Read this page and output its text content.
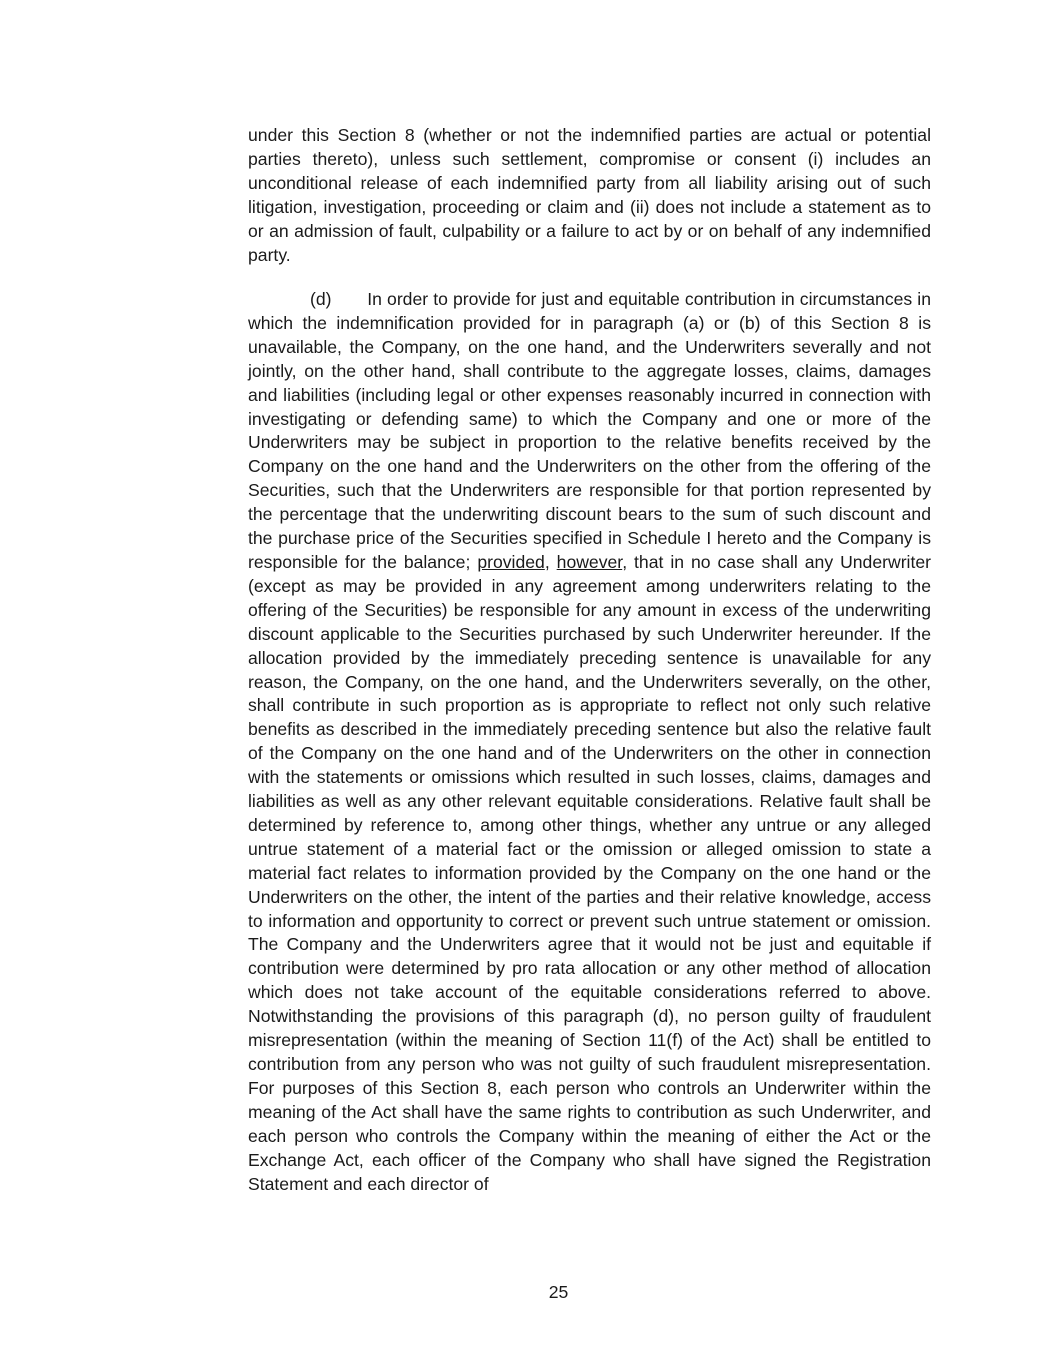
under this Section 8 (whether or not the indemnified parties are actual or potential parties thereto), unless such settlement, compromise or consent (i) includes an unconditional release of each indemnified party from all liability arising out of such litigation, investigation, proceeding or claim and (ii) does not include a statement as to or an admission of fault, culpability or a failure to act by or on behalf of any indemnified party.

(d) In order to provide for just and equitable contribution in circumstances in which the indemnification provided for in paragraph (a) or (b) of this Section 8 is unavailable, the Company, on the one hand, and the Underwriters severally and not jointly, on the other hand, shall contribute to the aggregate losses, claims, damages and liabilities (including legal or other expenses reasonably incurred in connection with investigating or defending same) to which the Company and one or more of the Underwriters may be subject in proportion to the relative benefits received by the Company on the one hand and the Underwriters on the other from the offering of the Securities, such that the Underwriters are responsible for that portion represented by the percentage that the underwriting discount bears to the sum of such discount and the purchase price of the Securities specified in Schedule I hereto and the Company is responsible for the balance; provided, however, that in no case shall any Underwriter (except as may be provided in any agreement among underwriters relating to the offering of the Securities) be responsible for any amount in excess of the underwriting discount applicable to the Securities purchased by such Underwriter hereunder. If the allocation provided by the immediately preceding sentence is unavailable for any reason, the Company, on the one hand, and the Underwriters severally, on the other, shall contribute in such proportion as is appropriate to reflect not only such relative benefits as described in the immediately preceding sentence but also the relative fault of the Company on the one hand and of the Underwriters on the other in connection with the statements or omissions which resulted in such losses, claims, damages and liabilities as well as any other relevant equitable considerations. Relative fault shall be determined by reference to, among other things, whether any untrue or any alleged untrue statement of a material fact or the omission or alleged omission to state a material fact relates to information provided by the Company on the one hand or the Underwriters on the other, the intent of the parties and their relative knowledge, access to information and opportunity to correct or prevent such untrue statement or omission. The Company and the Underwriters agree that it would not be just and equitable if contribution were determined by pro rata allocation or any other method of allocation which does not take account of the equitable considerations referred to above. Notwithstanding the provisions of this paragraph (d), no person guilty of fraudulent misrepresentation (within the meaning of Section 11(f) of the Act) shall be entitled to contribution from any person who was not guilty of such fraudulent misrepresentation. For purposes of this Section 8, each person who controls an Underwriter within the meaning of the Act shall have the same rights to contribution as such Underwriter, and each person who controls the Company within the meaning of either the Act or the Exchange Act, each officer of the Company who shall have signed the Registration Statement and each director of

25
